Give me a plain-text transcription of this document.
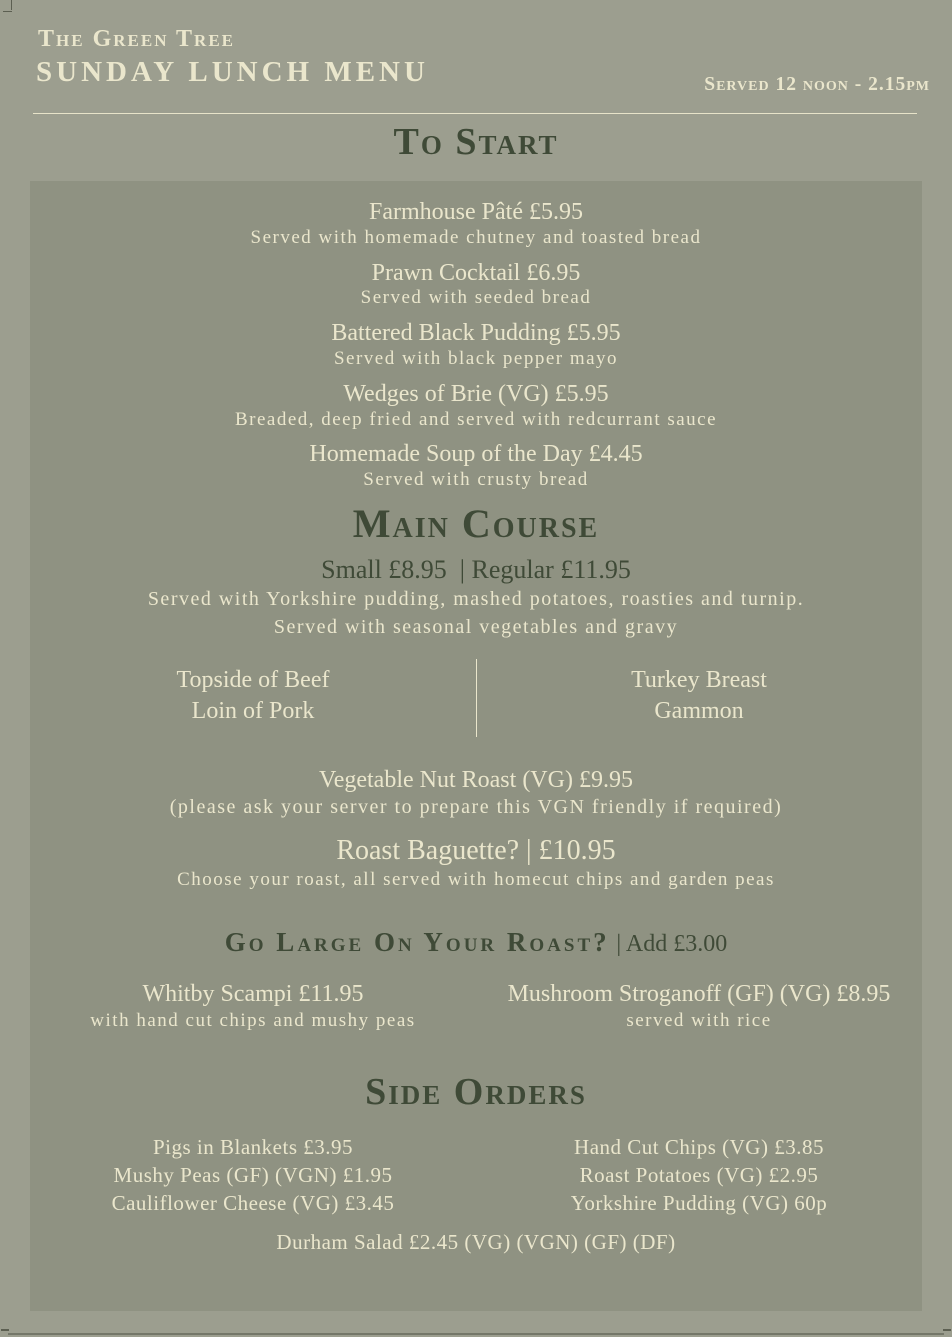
The Green Tree
SUNDAY LUNCH MENU	Served 12 noon - 2.15pm
To Start
Farmhouse Pâté £5.95
Served with homemade chutney and toasted bread
Prawn Cocktail £6.95
Served with seeded bread
Battered Black Pudding £5.95
Served with black pepper mayo
Wedges of Brie (VG) £5.95
Breaded, deep fried and served with redcurrant sauce
Homemade Soup of the Day £4.45
Served with crusty bread
Main Course
Small £8.95  | Regular £11.95
Served with Yorkshire pudding, mashed potatoes, roasties and turnip.
Served with seasonal vegetables and gravy
Topside of Beef
Loin of Pork
Turkey Breast
Gammon
Vegetable Nut Roast (VG) £9.95
(please ask your server to prepare this VGN friendly if required)
Roast Baguette? | £10.95
Choose your roast, all served with homecut chips and garden peas
Go Large On Your Roast? | Add £3.00
Whitby Scampi £11.95
with hand cut chips and mushy peas
Mushroom Stroganoff (GF) (VG) £8.95
served with rice
Side Orders
Pigs in Blankets £3.95
Mushy Peas (GF) (VGN) £1.95
Cauliflower Cheese (VG) £3.45
Hand Cut Chips (VG) £3.85
Roast Potatoes (VG) £2.95
Yorkshire Pudding (VG) 60p
Durham Salad £2.45 (VG) (VGN) (GF) (DF)
